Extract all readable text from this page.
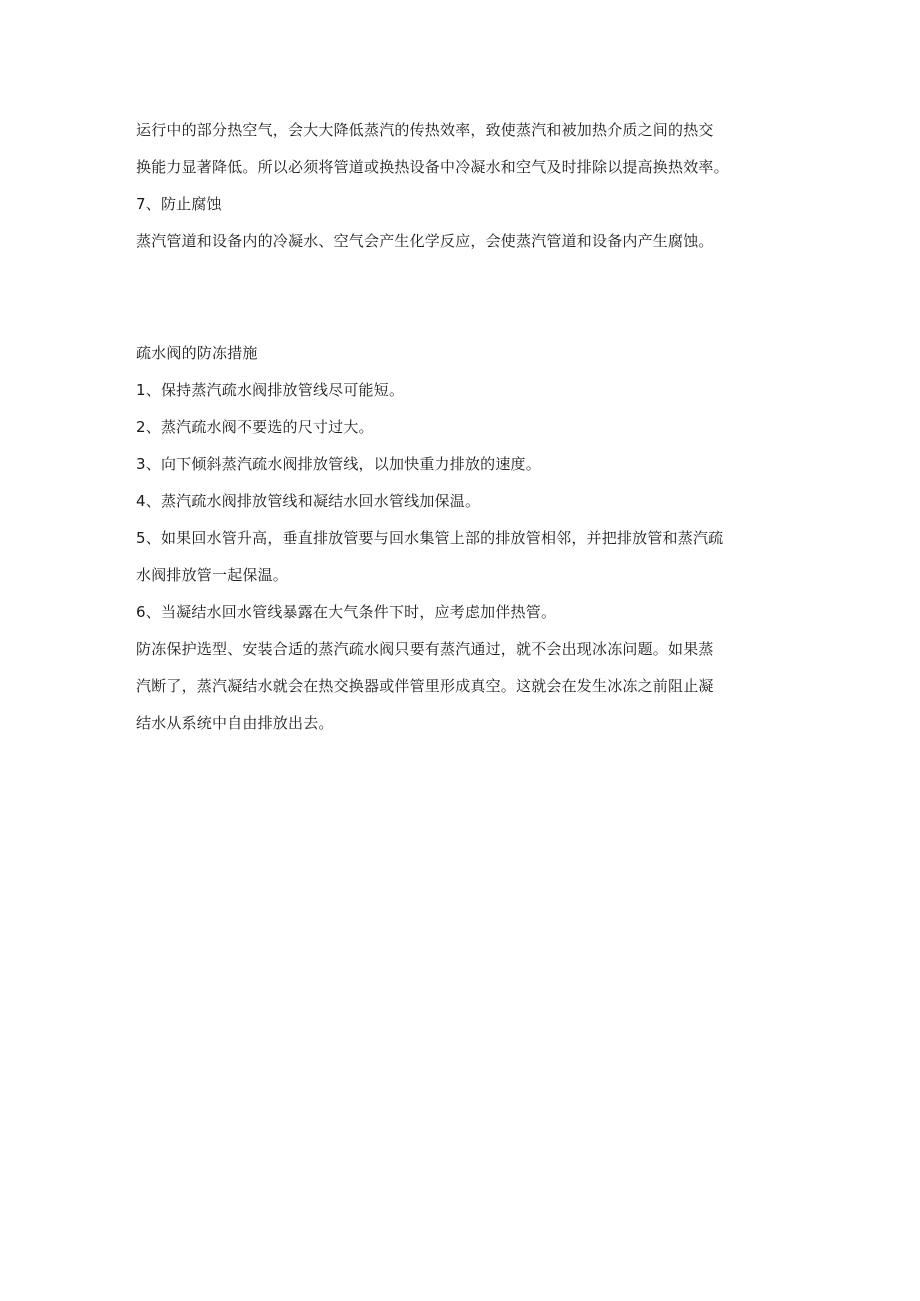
运行中的部分热空气，会大大降低蒸汽的传热效率，致使蒸汽和被加热介质之间的热交
换能力显著降低。所以必须将管道或换热设备中冷凝水和空气及时排除以提高换热效率。
7、防止腐蚀
蒸汽管道和设备内的冷凝水、空气会产生化学反应，会使蒸汽管道和设备内产生腐蚀。
疏水阀的防冻措施
1、保持蒸汽疏水阀排放管线尽可能短。
2、蒸汽疏水阀不要选的尺寸过大。
3、向下倾斜蒸汽疏水阀排放管线，以加快重力排放的速度。
4、蒸汽疏水阀排放管线和凝结水回水管线加保温。
5、如果回水管升高，垂直排放管要与回水集管上部的排放管相邻，并把排放管和蒸汽疏
水阀排放管一起保温。
6、当凝结水回水管线暴露在大气条件下时，应考虑加伴热管。
防冻保护选型、安装合适的蒸汽疏水阀只要有蒸汽通过，就不会出现冰冻问题。如果蒸
汽断了，蒸汽凝结水就会在热交换器或伴管里形成真空。这就会在发生冰冻之前阻止凝
结水从系统中自由排放出去。
